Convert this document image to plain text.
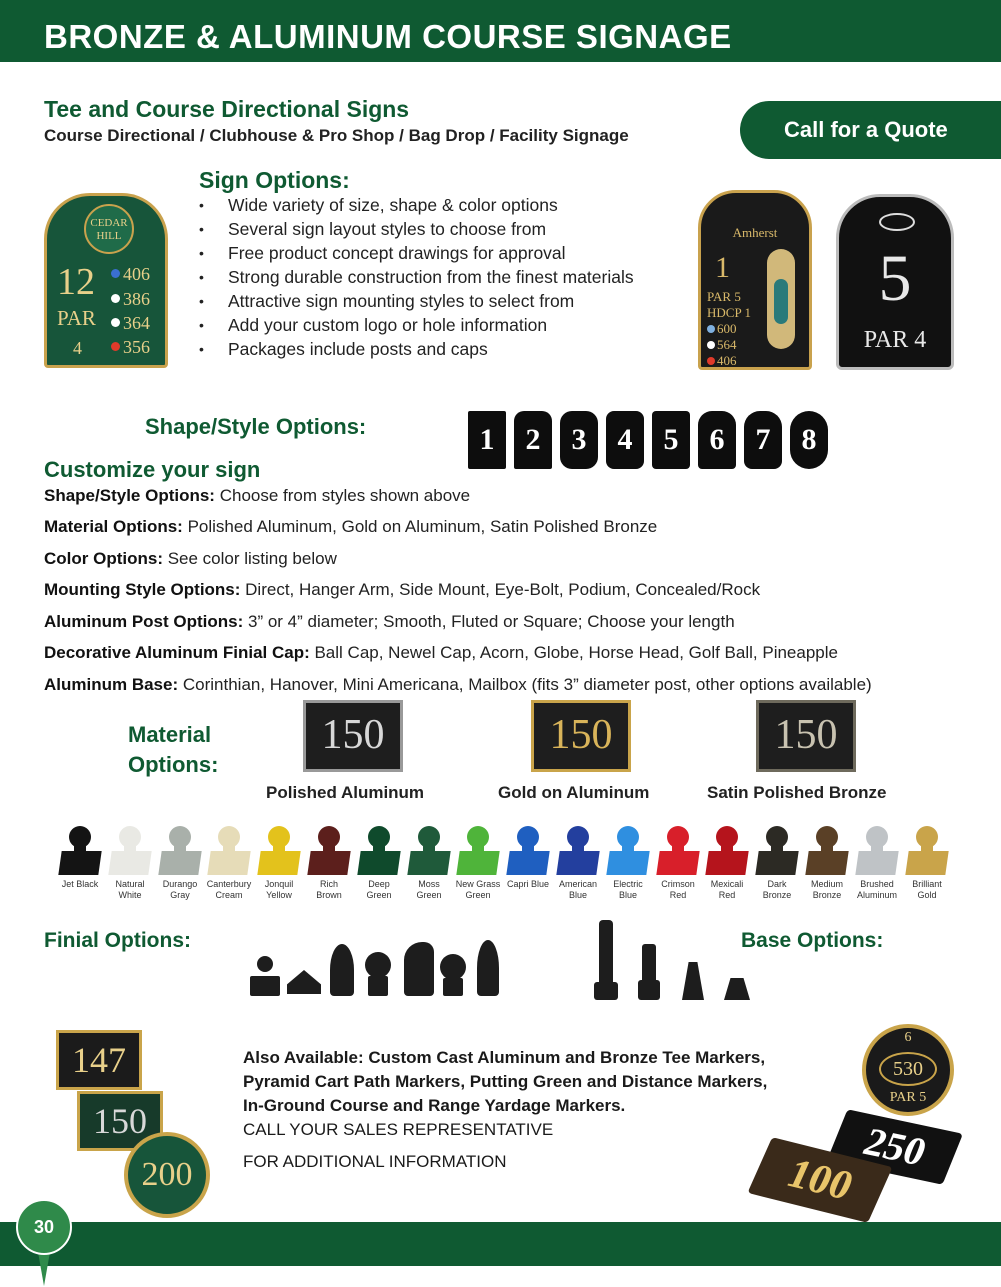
BRONZE & ALUMINUM COURSE SIGNAGE
Tee and Course Directional Signs
Course Directional / Clubhouse & Pro Shop / Bag Drop / Facility Signage	Call for a Quote
CEDAR HILL
12
PAR
4
406
386
364
356
Sign Options:
• Wide variety of size, shape & color options
• Several sign layout styles to choose from
• Free product concept drawings for approval
• Strong durable construction from the finest materials
• Attractive sign mounting styles to select from
• Add your custom logo or hole information
• Packages include posts and caps
Amherst
1
PAR 5
HDCP 1
600
564
406
5
PAR 4
Shape/Style Options:	1	2	3	4	5	6	7	8
Customize your sign
Shape/Style Options: Choose from styles shown above
Material Options: Polished Aluminum, Gold on Aluminum, Satin Polished Bronze
Color Options: See color listing below
Mounting Style Options: Direct, Hanger Arm, Side Mount, Eye-Bolt, Podium, Concealed/Rock
Aluminum Post Options: 3” or 4” diameter; Smooth, Fluted or Square; Choose your length
Decorative Aluminum Finial Cap: Ball Cap, Newel Cap, Acorn, Globe, Horse Head, Golf Ball, Pineapple
Aluminum Base: Corinthian, Hanover, Mini Americana, Mailbox (fits 3” diameter post, other options available)
Material
Options:
150	150	150
Polished Aluminum	Gold on Aluminum	Satin Polished Bronze
Jet Black	Natural
White
Durango
Gray
Canterbury
Cream
Jonquil
Yellow
Rich
Brown
Deep
Green
Moss
Green
New Grass
Green
Capri Blue	American
Blue
Electric
Blue
Crimson
Red
Mexicali
Red
Dark
Bronze
Medium
Bronze
Brushed
Aluminum
Brilliant
Gold
Finial Options:	Base Options:
Also Available: Custom Cast Aluminum and Bronze Tee Markers,
Pyramid Cart Path Markers, Putting Green and Distance Markers,
In-Ground Course and Range Yardage Markers.
CALL YOUR SALES REPRESENTATIVE
FOR ADDITIONAL INFORMATION
147
150
200
6
530
PAR 5
250
100
30
